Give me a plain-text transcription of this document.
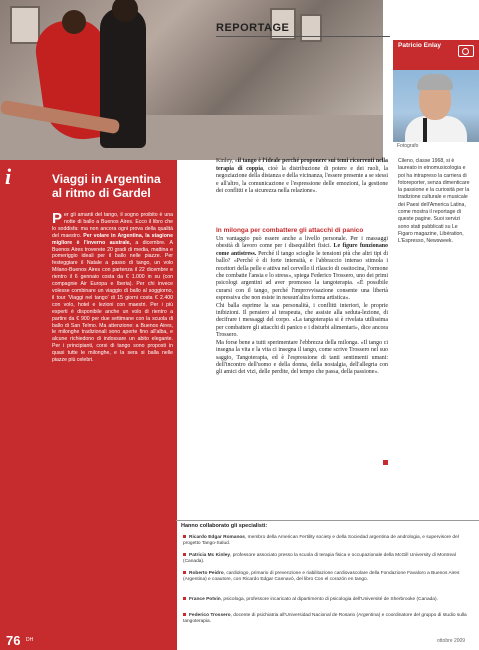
REPORTAGE
Patricio Enlay
Fotografo
Cileno, classe 1968, si è laureato in etnomusicologia e poi ha intrapreso la carriera di fotoreporter, senza dimenticare la passione e la curiosità per la tradizione culturale e musicale dei Paesi dell'America Latina, come mostra il reportage di queste pagine. Suoi servizi sono stati pubblicati su Le Figaro magazine, Libération, L'Espresso, Newsweek.
i	Viaggi in Argentina al ritmo di Gardel
Per gli amanti del tango, il sogno proibito è una notte di ballo a Buenos Aires. Ecco il libro che lo soddisfa: ma non ancora ogni prova della qualità del maestro. Per volare in Argentina, la stagione migliore è l'inverno australe, a dicembre. A Buenos Aires troverete 20 gradi di media, mattina e pomeriggio ideali per il ballo nelle piazze. Per festeggiare il Natale a passo di tango, un volo Milano-Buenos Aires con partenza il 22 dicembre e rientro il 6 gennaio costa da € 1.000 in su (con compagnie Air Europa e Iberia). Per chi invece volesse combinare un viaggio di ballo al soggiorno, il tour 'Viaggi nel tango' di 15 giorni costa € 2.400 con volo, hotel e lezioni con maestri. Per i più esperti è disponibile anche un volo di rientro a partire da € 900 per due settimane con la scuola di ballo di San Telmo. Ma attenzione: a Buenos Aires, le milonghe tradizionali sono aperte fino all'alba, e alcune richiedono di indossare un abito elegante. Per i principianti, corsi di tango sono proposti in quasi tutte le milonghe, e la sera si balla nelle piazze più celebri.
Kinley, «il tango è l'ideale perché proponere sui temi ricorrenti nella terapia di coppia, cioè la distribuzione di potere e dei ruoli, la negoziazione della distanza e della vicinanza, l'essere presente a se stessi e all'altro, la comunicazione e l'espressione delle emozioni, la gestione dei conflitti e la sicurezza nella relazione».
In milonga per combattere gli attacchi di panico
Un vantaggio può essere anche a livello personale. Per i massaggi obesità di lavoro come per i disequilibri fisici. Le figure funzionano come antistress. Perché il tango scioglie le tensioni più che altri tipi di ballo? «Perché è di forte intensità, e l'abbraccio intenso stimola i recettori della pelle e attiva nel cervello il rilascio di ossitocina, l'ormone che combatte l'ansia e lo stress», spiega Federico Trossero, uno dei primi psicologi argentini ad aver promosso la tangoterapia. «È possibile curarsi con il tango, perché l'improvvisazione consente una libertà espressiva che non esiste in nessun'altra forma artistica».
Chi balla esprime la sua personalità, i conflitti interiori, le proprie inibizioni. Il pensiero al terapeuta, che assiste alla seduta-lezione, di decifrare i messaggi del corpo. «La tangoterapia si è rivelata utilissima per combattere gli attacchi di panico e i disturbi alimentari», dice ancora Trossero.
Ma forse bene a tutti sperimentare l'ebbrezza della milonga. «Il tango ci insegna la vita e la vita ci insegna il tango, come scrive Trossero nel suo saggio, Tangoterapia, ed è l'espressione di tanti sentimenti umani: dell'incontro dell'uomo e della donna, della nostalgia, dell'allegria con gli amici dei vizi, delle perdite, del tempo che passa, della passione».
Hanno collaborato gli specialisti:
Ricardo Edgar Romanos, membro della American Fertility society e della Sociedad argentina de andrologia, e supervisore del progetto Tango-Salud.
Patricia Mc Kinley, professore associato presso la scuola di terapia fisica e occupazionale della McGill University di Montreal (Canada).
Roberto Peidro, cardiologo, primario di prevenzione e riabilitazione cardiovascolare della Fondazione Favaloro a Buenos Aires (Argentina) e coautore, con Ricardo Edgar Cannavò, del libro Con el corazón en tango.
France Potvin, psicologa, professore incaricato al dipartimento di psicologia dell'Université de Sherbrooke (Canada).
Federico Trossero, docente di psichiatria all'Universidad Nacional de Rosario (Argentina) e coordinatore del gruppo di studio sulla tangoterapia.
76 DH	ottobre 2009
